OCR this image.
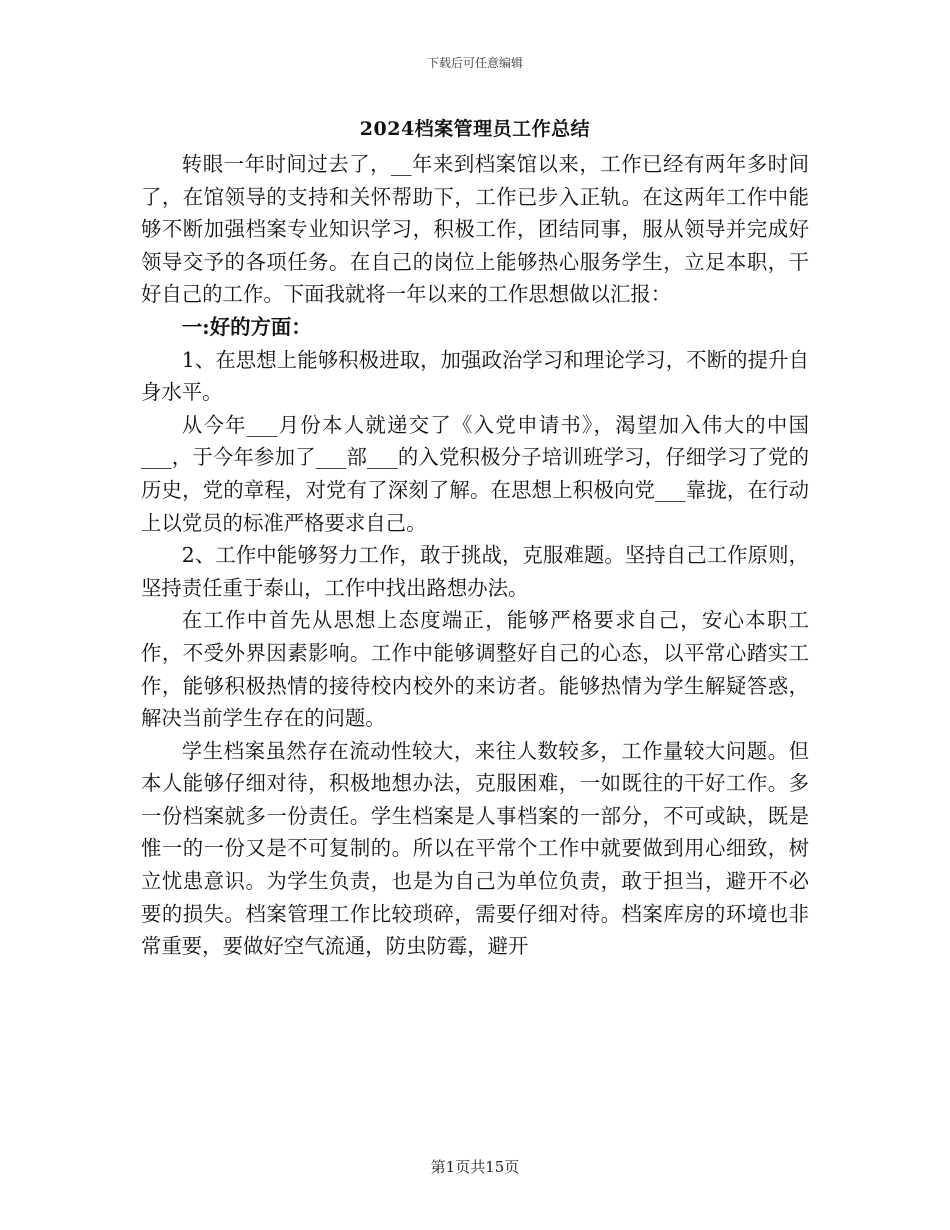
下载后可任意编辑
2024档案管理员工作总结

转眼一年时间过去了，__年来到档案馆以来，工作已经有两年多时间了，在馆领导的支持和关怀帮助下，工作已步入正轨。在这两年工作中能够不断加强档案专业知识学习，积极工作，团结同事，服从领导并完成好领导交予的各项任务。在自己的岗位上能够热心服务学生，立足本职，干好自己的工作。下面我就将一年以来的工作思想做以汇报：

一:好的方面：

1、在思想上能够积极进取，加强政治学习和理论学习，不断的提升自身水平。

从今年___月份本人就递交了《入党申请书》，渴望加入伟大的中国___，于今年参加了___部___的入党积极分子培训班学习，仔细学习了党的历史，党的章程，对党有了深刻了解。在思想上积极向党___靠拢，在行动上以党员的标准严格要求自己。

2、工作中能够努力工作，敢于挑战，克服难题。坚持自己工作原则，坚持责任重于泰山，工作中找出路想办法。

在工作中首先从思想上态度端正，能够严格要求自己，安心本职工作，不受外界因素影响。工作中能够调整好自己的心态，以平常心踏实工作，能够积极热情的接待校内校外的来访者。能够热情为学生解疑答惑，解决当前学生存在的问题。

学生档案虽然存在流动性较大，来往人数较多，工作量较大问题。但本人能够仔细对待，积极地想办法，克服困难，一如既往的干好工作。多一份档案就多一份责任。学生档案是人事档案的一部分，不可或缺，既是惟一的一份又是不可复制的。所以在平常个工作中就要做到用心细致，树立忧患意识。为学生负责，也是为自己为单位负责，敢于担当，避开不必要的损失。档案管理工作比较琐碎，需要仔细对待。档案库房的环境也非常重要，要做好空气流通，防虫防霉，避开

第1页共15页
